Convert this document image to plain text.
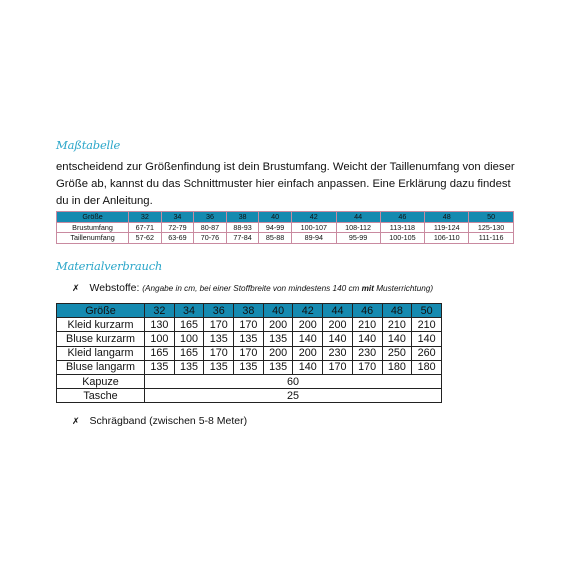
Maßtabelle

entscheidend zur Größenfindung ist dein Brustumfang. Weicht der Taillenumfang von dieser Größe ab, kannst du das Schnittmuster hier einfach anpassen. Eine Erklärung dazu findest du in der Anleitung.

Größe	32	34	36	38	40	42	44	46	48	50
Brustumfang	67-71	72-79	80-87	88-93	94-99	100-107	108-112	113-118	119-124	125-130
Taillenumfang	57-62	63-69	70-76	77-84	85-88	89-94	95-99	100-105	106-110	111-116
Materialverbrauch
✗ Webstoffe: (Angabe in cm, bei einer Stoffbreite von mindestens 140 cm mit Musterrichtung)
Größe	32	34	36	38	40	42	44	46	48	50
Kleid kurzarm	130	165	170	170	200	200	200	210	210	210
Bluse kurzarm	100	100	135	135	135	140	140	140	140	140
Kleid langarm	165	165	170	170	200	200	230	230	250	260
Bluse langarm	135	135	135	135	135	140	170	170	180	180
Kapuze	60									
Tasche	25									
✗ Schrägband (zwischen 5-8 Meter)
